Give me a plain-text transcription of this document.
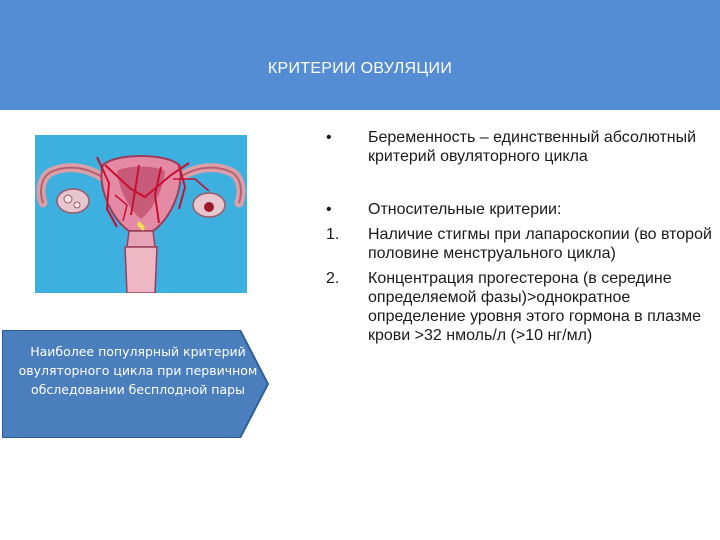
КРИТЕРИИ ОВУЛЯЦИИ
• Беременность – единственный абсолютный критерий овуляторного цикла
• Относительные критерии:
1. Наличие стигмы при лапароскопии (во второй половине менструального цикла)
2. Концентрация прогестерона (в середине определяемой фазы)>однократное определение уровня этого гормона в плазме крови >32 нмоль/л (>10 нг/мл)
Наиболее популярный критерий овуляторного цикла при первичном обследовании бесплодной пары
